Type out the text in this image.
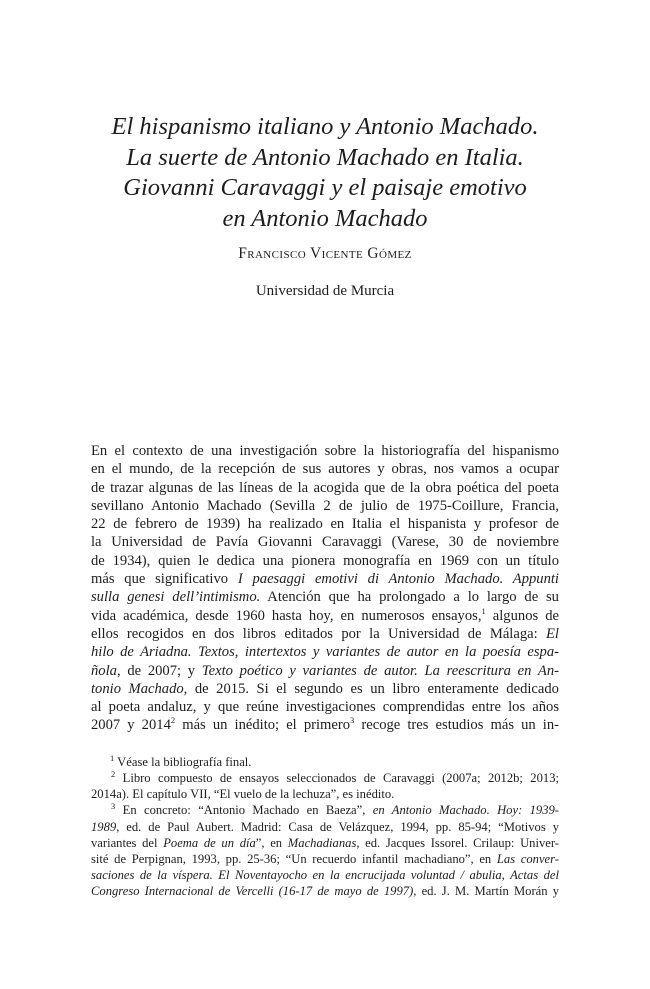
El hispanismo italiano y Antonio Machado.
La suerte de Antonio Machado en Italia.
Giovanni Caravaggi y el paisaje emotivo
en Antonio Machado
Francisco Vicente Gómez
Universidad de Murcia
En el contexto de una investigación sobre la historiografía del hispanismo
en el mundo, de la recepción de sus autores y obras, nos vamos a ocupar
de trazar algunas de las líneas de la acogida que de la obra poética del poeta
sevillano Antonio Machado (Sevilla 2 de julio de 1975-Coillure, Francia,
22 de febrero de 1939) ha realizado en Italia el hispanista y profesor de
la Universidad de Pavía Giovanni Caravaggi (Varese, 30 de noviembre
de 1934), quien le dedica una pionera monografía en 1969 con un título
más que significativo I paesaggi emotivi di Antonio Machado. Appunti
sulla genesi dell’intimismo. Atención que ha prolongado a lo largo de su
vida académica, desde 1960 hasta hoy, en numerosos ensayos,$^1$ algunos de
ellos recogidos en dos libros editados por la Universidad de Málaga: El
hilo de Ariadna. Textos, intertextos y variantes de autor en la poesía espa-
ñola, de 2007; y Texto poético y variantes de autor. La reescritura en An-
tonio Machado, de 2015. Si el segundo es un libro enteramente dedicado
al poeta andaluz, y que reúne investigaciones comprendidas entre los años
2007 y 2014$^2$ más un inédito; el primero$^3$ recoge tres estudios más un in-
$^1$ Véase la bibliografía final.
$^2$ Libro compuesto de ensayos seleccionados de Caravaggi (2007a; 2012b; 2013;
2014a). El capítulo VII, “El vuelo de la lechuza”, es inédito.
$^3$ En concreto: “Antonio Machado en Baeza”, en Antonio Machado. Hoy: 1939-
1989, ed. de Paul Aubert. Madrid: Casa de Velázquez, 1994, pp. 85-94; “Motivos y
variantes del Poema de un día”, en Machadianas, ed. Jacques Issorel. Crilaup: Univer-
sité de Perpignan, 1993, pp. 25-36; “Un recuerdo infantil machadiano”, en Las conver-
saciones de la víspera. El Noventayocho en la encrucijada voluntad / abulia, Actas del
Congreso Internacional de Vercelli (16-17 de mayo de 1997), ed. J. M. Martín Morán y
